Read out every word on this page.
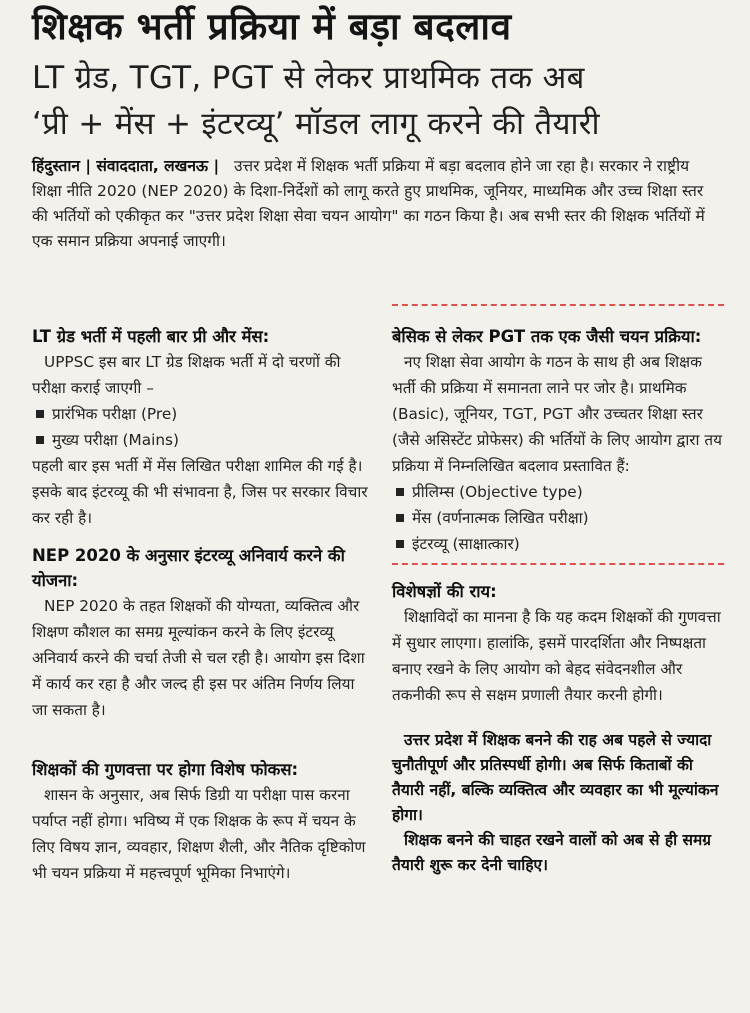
शिक्षक भर्ती प्रक्रिया में बड़ा बदलाव
LT ग्रेड, TGT, PGT से लेकर प्राथमिक तक अब
‘प्री + मेंस + इंटरव्यू’ मॉडल लागू करने की तैयारी

हिंदुस्तान | संवाददाता, लखनऊ | उत्तर प्रदेश में शिक्षक भर्ती प्रक्रिया में बड़ा बदलाव होने जा रहा है। सरकार ने राष्ट्रीय शिक्षा नीति 2020 (NEP 2020) के दिशा-निर्देशों को लागू करते हुए प्राथमिक, जूनियर, माध्यमिक और उच्च शिक्षा स्तर की भर्तियों को एकीकृत कर "उत्तर प्रदेश शिक्षा सेवा चयन आयोग" का गठन किया है। अब सभी स्तर की शिक्षक भर्तियों में एक समान प्रक्रिया अपनाई जाएगी।

LT ग्रेड भर्ती में पहली बार प्री और मेंस:

UPPSC इस बार LT ग्रेड शिक्षक भर्ती में दो चरणों की परीक्षा कराई जाएगी –

प्रारंभिक परीक्षा (Pre)
मुख्य परीक्षा (Mains)

पहली बार इस भर्ती में मेंस लिखित परीक्षा शामिल की गई है। इसके बाद इंटरव्यू की भी संभावना है, जिस पर सरकार विचार कर रही है।

NEP 2020 के अनुसार इंटरव्यू अनिवार्य करने की योजना:

NEP 2020 के तहत शिक्षकों की योग्यता, व्यक्तित्व और शिक्षण कौशल का समग्र मूल्यांकन करने के लिए इंटरव्यू अनिवार्य करने की चर्चा तेजी से चल रही है। आयोग इस दिशा में कार्य कर रहा है और जल्द ही इस पर अंतिम निर्णय लिया जा सकता है।

शिक्षकों की गुणवत्ता पर होगा विशेष फोकस:

शासन के अनुसार, अब सिर्फ डिग्री या परीक्षा पास करना पर्याप्त नहीं होगा। भविष्य में एक शिक्षक के रूप में चयन के लिए विषय ज्ञान, व्यवहार, शिक्षण शैली, और नैतिक दृष्टिकोण भी चयन प्रक्रिया में महत्त्वपूर्ण भूमिका निभाएंगे।

बेसिक से लेकर PGT तक एक जैसी चयन प्रक्रिया:

नए शिक्षा सेवा आयोग के गठन के साथ ही अब शिक्षक भर्ती की प्रक्रिया में समानता लाने पर जोर है। प्राथमिक (Basic), जूनियर, TGT, PGT और उच्चतर शिक्षा स्तर (जैसे असिस्टेंट प्रोफेसर) की भर्तियों के लिए आयोग द्वारा तय प्रक्रिया में निम्नलिखित बदलाव प्रस्तावित हैं:

प्रीलिम्स (Objective type)
मेंस (वर्णनात्मक लिखित परीक्षा)
इंटरव्यू (साक्षात्कार)
विशेषज्ञों की राय:

शिक्षाविदों का मानना है कि यह कदम शिक्षकों की गुणवत्ता में सुधार लाएगा। हालांकि, इसमें पारदर्शिता और निष्पक्षता बनाए रखने के लिए आयोग को बेहद संवेदनशील और तकनीकी रूप से सक्षम प्रणाली तैयार करनी होगी।

उत्तर प्रदेश में शिक्षक बनने की राह अब पहले से ज्यादा चुनौतीपूर्ण और प्रतिस्पर्धी होगी। अब सिर्फ किताबों की तैयारी नहीं, बल्कि व्यक्तित्व और व्यवहार का भी मूल्यांकन होगा।

शिक्षक बनने की चाहत रखने वालों को अब से ही समग्र तैयारी शुरू कर देनी चाहिए।
